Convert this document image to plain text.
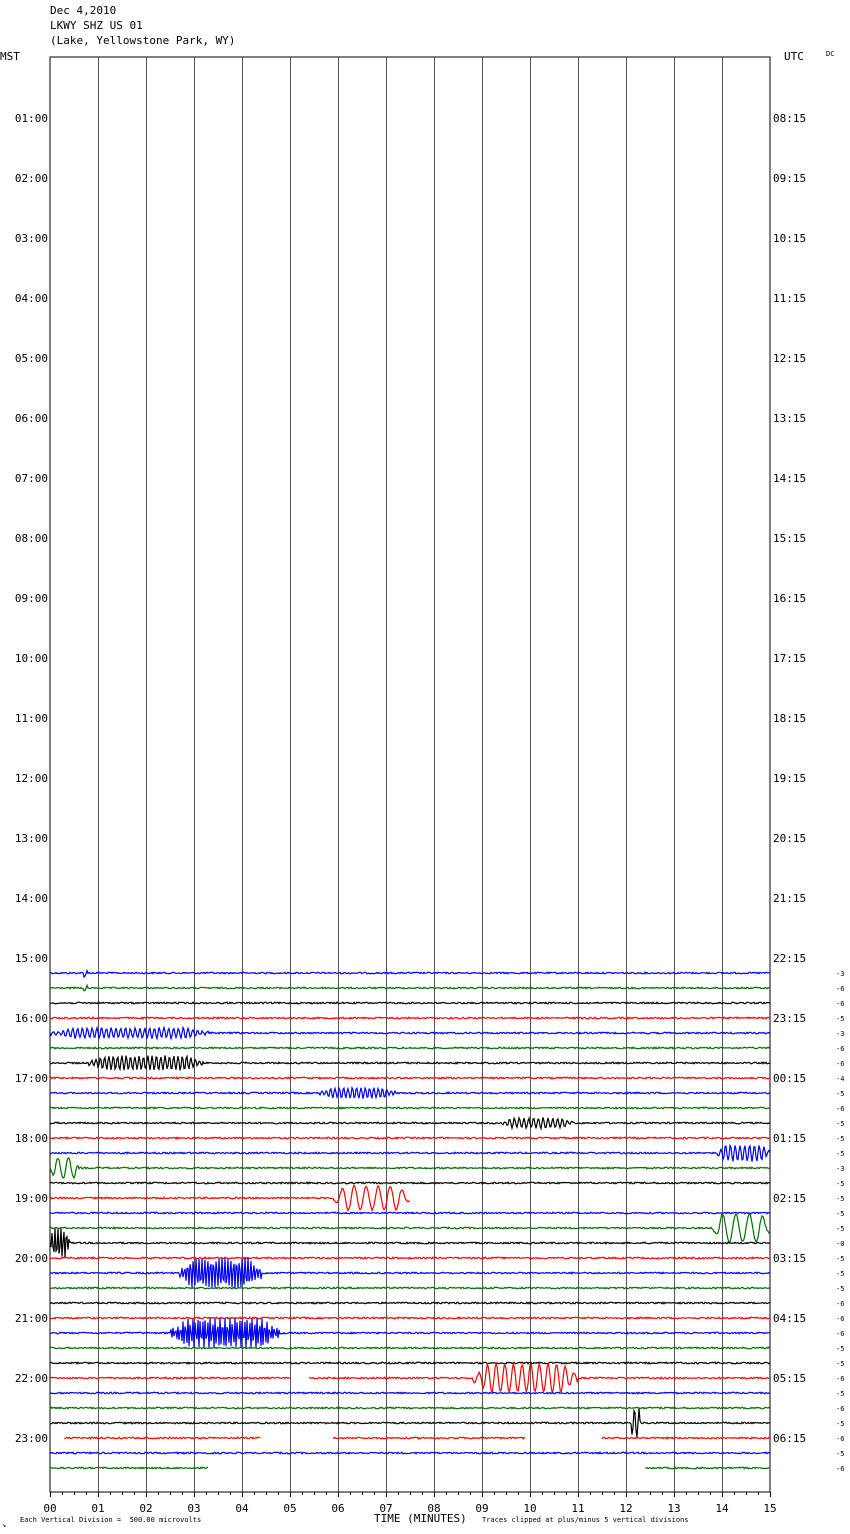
Dec 4,2010
LKWY SHZ US 01
(Lake, Yellowstone Park, WY)
MST	UTC	DC
00	01	02	03	04	05	06	07	08	09	10	11	12	13	14	15
01:00
02:00
03:00
04:00
05:00
06:00
07:00
08:00
09:00
10:00
11:00
12:00
13:00
14:00
15:00
16:00
17:00
18:00
19:00
20:00
21:00
22:00
23:00
08:15
09:15
10:15
11:15
12:15
13:15
14:15
15:15
16:15
17:15
18:15
19:15
20:15
21:15
22:15
23:15
00:15
01:15
02:15
03:15
04:15
05:15
06:15
-3
-6
-6
-5
-3
-6
-6
-4
-5
-6
-5
-5
-5
-3
-5
-5
-5
-5
-0
-5
-5
-5
-6
-6
-6
-5
-5
-6
-5
-6
-5
-6
-5
-6
↘
Each Vertical Division =  500.00 microvolts	TIME (MINUTES) Traces clipped at plus/minus 5 vertical divisions
